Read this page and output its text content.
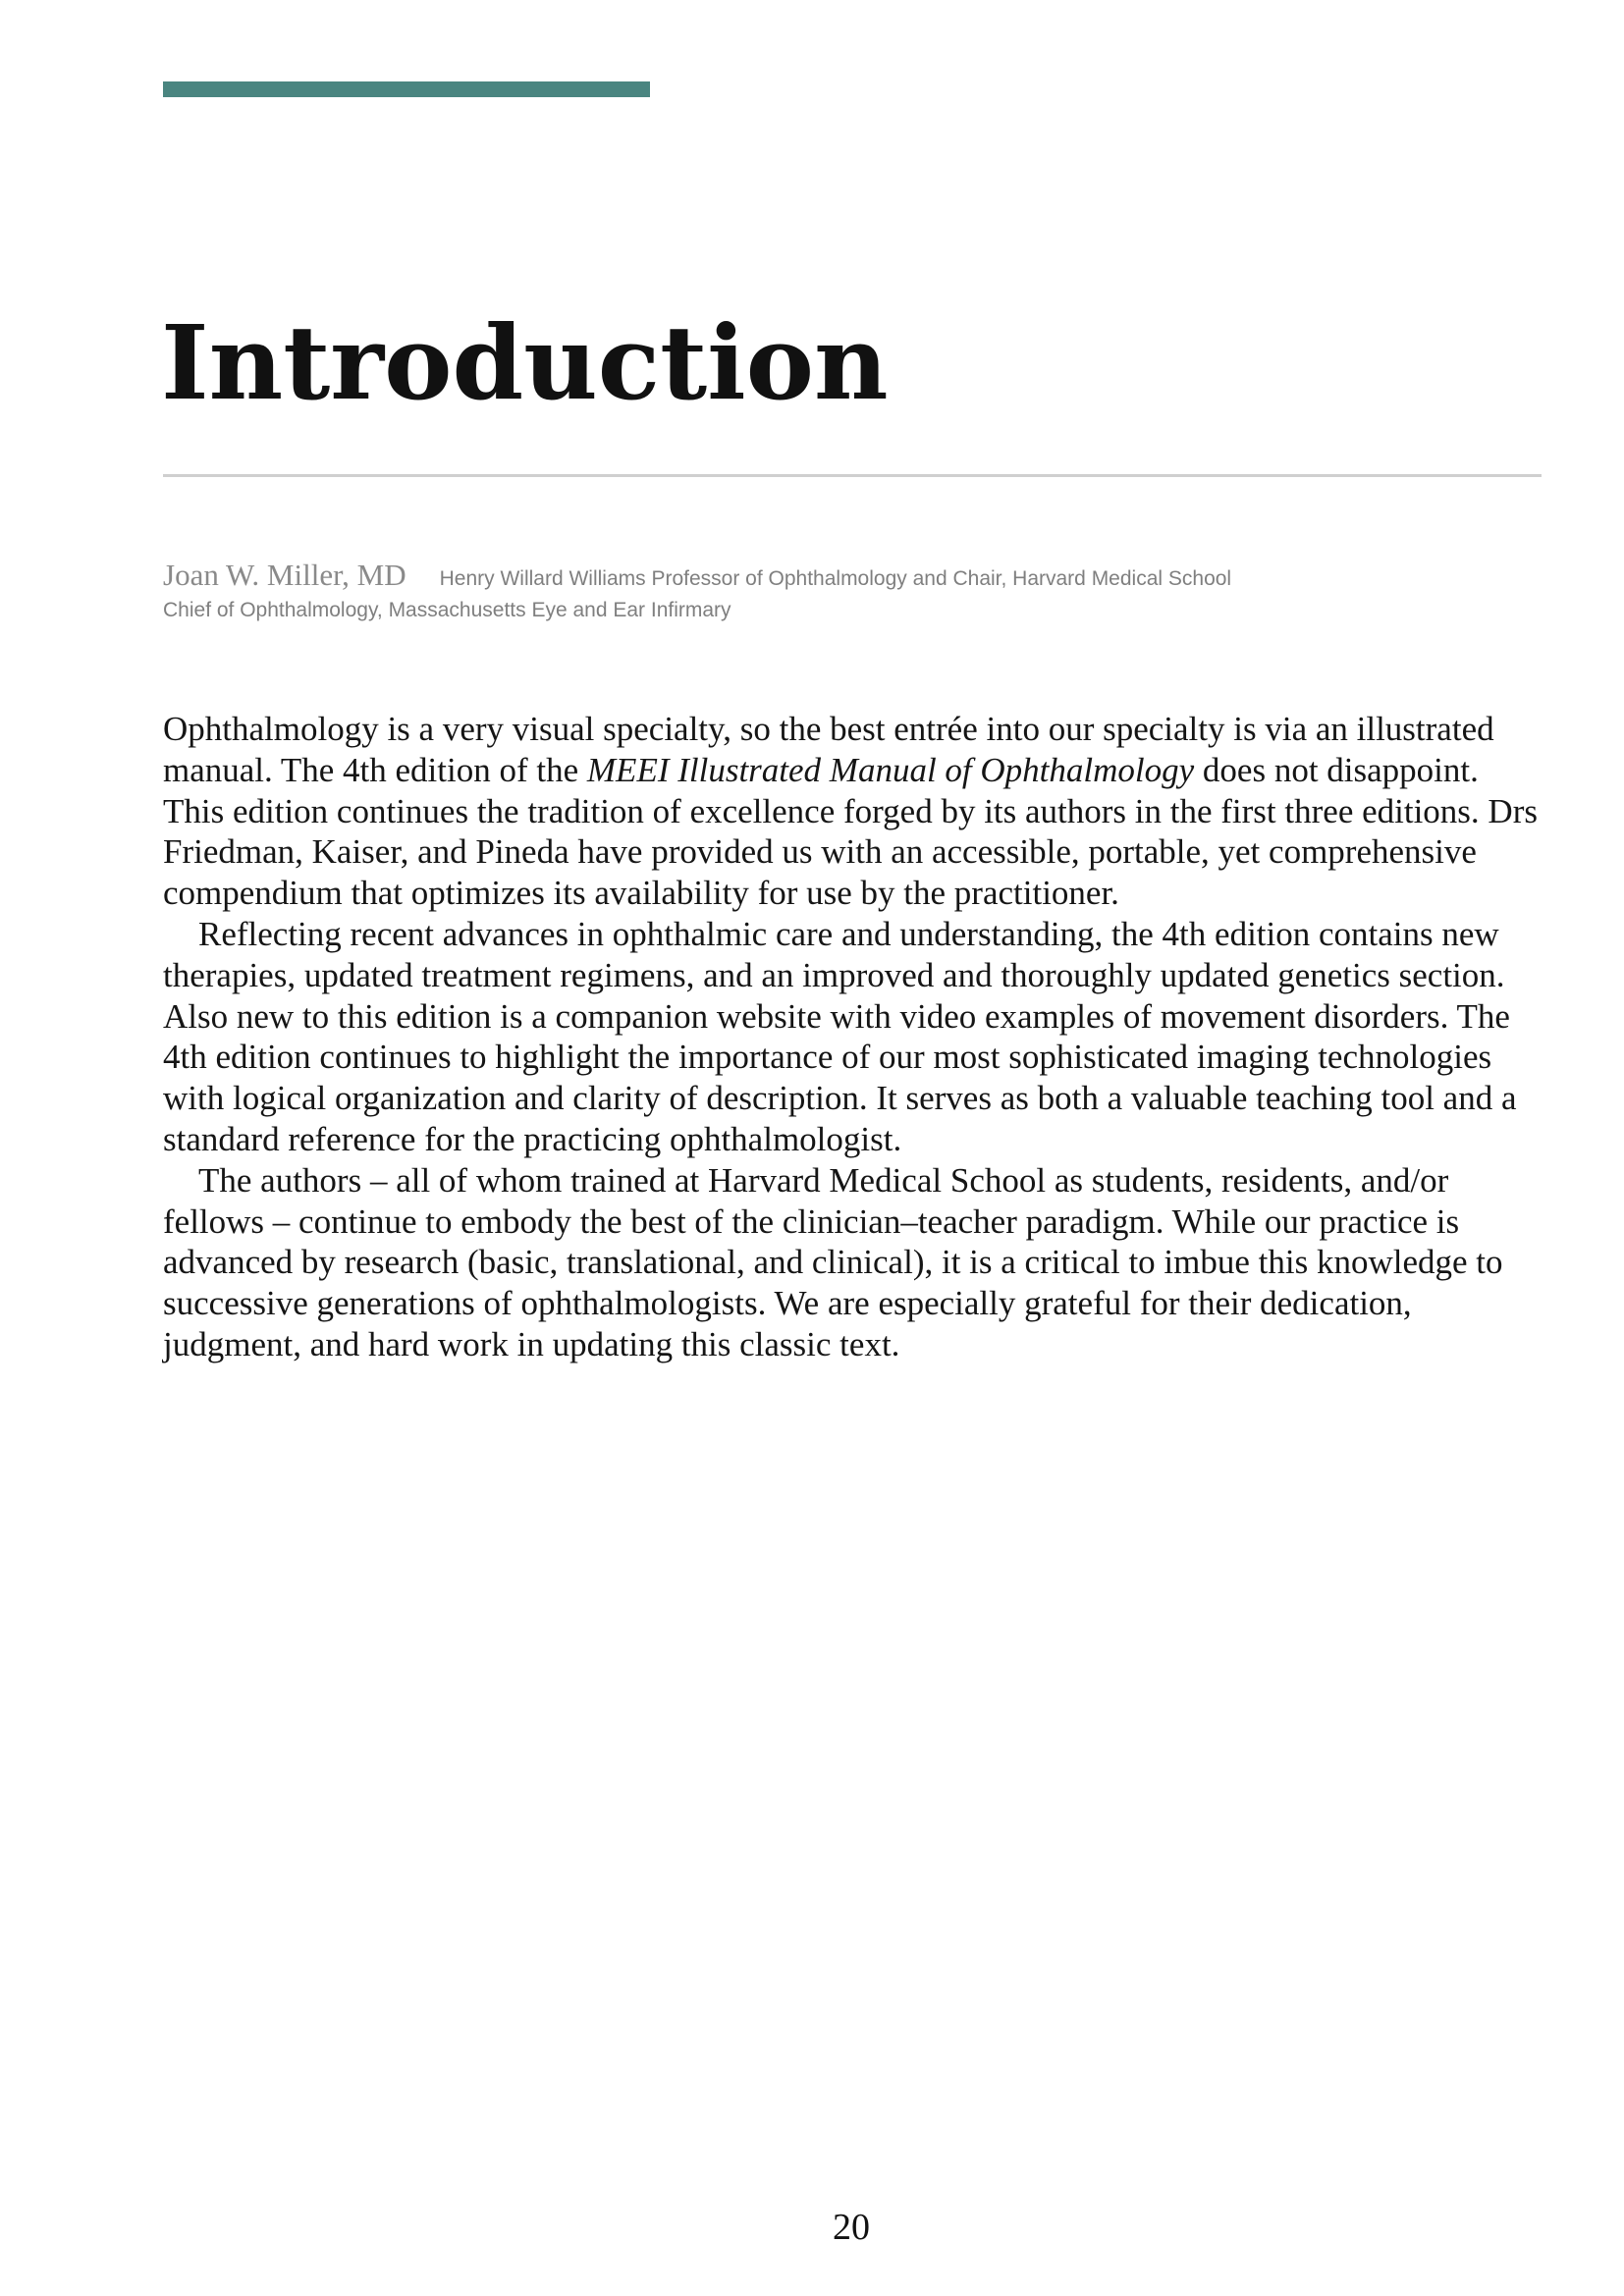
Introduction
Joan W. Miller, MD Henry Willard Williams Professor of Ophthalmology and Chair, Harvard Medical School
Chief of Ophthalmology, Massachusetts Eye and Ear Infirmary

Ophthalmology is a very visual specialty, so the best entrée into our specialty is via an illustrated manual. The 4th edition of the MEEI Illustrated Manual of Ophthalmology does not disappoint. This edition continues the tradition of excellence forged by its authors in the first three editions. Drs Friedman, Kaiser, and Pineda have provided us with an accessible, portable, yet comprehensive compendium that optimizes its availability for use by the practitioner.

Reflecting recent advances in ophthalmic care and understanding, the 4th edition contains new therapies, updated treatment regimens, and an improved and thoroughly updated genetics section. Also new to this edition is a companion website with video examples of movement disorders. The 4th edition continues to highlight the importance of our most sophisticated imaging technologies with logical organization and clarity of description. It serves as both a valuable teaching tool and a standard reference for the practicing ophthalmologist.

The authors – all of whom trained at Harvard Medical School as students, residents, and/or fellows – continue to embody the best of the clinician–teacher paradigm. While our practice is advanced by research (basic, translational, and clinical), it is a critical to imbue this knowledge to successive generations of ophthalmologists. We are especially grateful for their dedication, judgment, and hard work in updating this classic text.

20
